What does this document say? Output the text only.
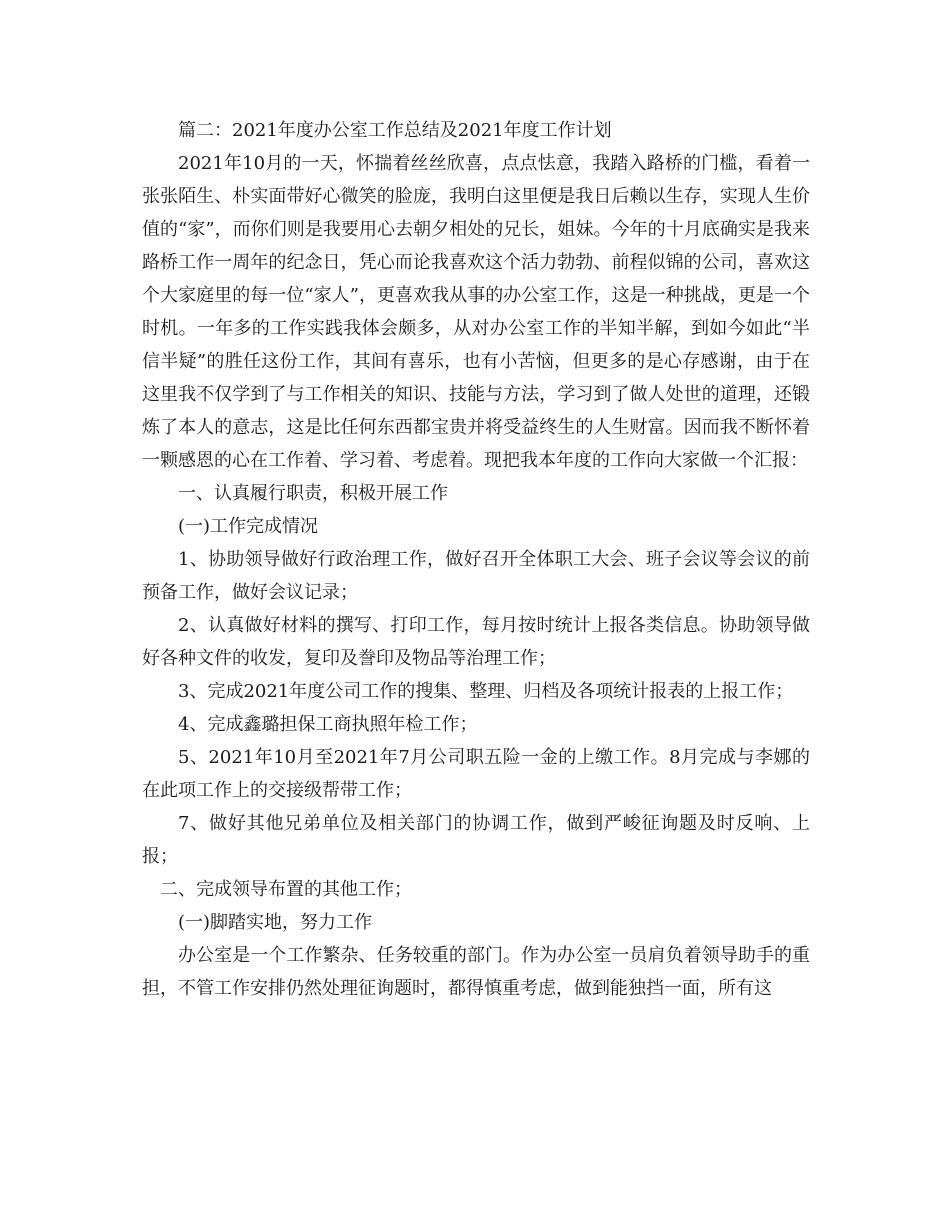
篇二：2021年度办公室工作总结及2021年度工作计划

2021年10月的一天，怀揣着丝丝欣喜，点点怯意，我踏入路桥的门槛，看着一张张陌生、朴实面带好心微笑的脸庞，我明白这里便是我日后赖以生存，实现人生价值的“家”，而你们则是我要用心去朝夕相处的兄长，姐妹。今年的十月底确实是我来路桥工作一周年的纪念日，凭心而论我喜欢这个活力勃勃、前程似锦的公司，喜欢这个大家庭里的每一位“家人”，更喜欢我从事的办公室工作，这是一种挑战，更是一个时机。一年多的工作实践我体会颇多，从对办公室工作的半知半解，到如今如此“半信半疑”的胜任这份工作，其间有喜乐，也有小苦恼，但更多的是心存感谢，由于在这里我不仅学到了与工作相关的知识、技能与方法，学习到了做人处世的道理，还锻炼了本人的意志，这是比任何东西都宝贵并将受益终生的人生财富。因而我不断怀着一颗感恩的心在工作着、学习着、考虑着。现把我本年度的工作向大家做一个汇报：

一、认真履行职责，积极开展工作

(一)工作完成情况

1、协助领导做好行政治理工作，做好召开全体职工大会、班子会议等会议的前预备工作，做好会议记录；

2、认真做好材料的撰写、打印工作，每月按时统计上报各类信息。协助领导做好各种文件的收发，复印及誊印及物品等治理工作；

3、完成2021年度公司工作的搜集、整理、归档及各项统计报表的上报工作；

4、完成鑫璐担保工商执照年检工作；

5、2021年10月至2021年7月公司职五险一金的上缴工作。8月完成与李娜的在此项工作上的交接级帮带工作；

7、做好其他兄弟单位及相关部门的协调工作，做到严峻征询题及时反响、上报；

二、完成领导布置的其他工作；

(一)脚踏实地，努力工作

办公室是一个工作繁杂、任务较重的部门。作为办公室一员肩负着领导助手的重担，不管工作安排仍然处理征询题时，都得慎重考虑，做到能独挡一面，所有这
